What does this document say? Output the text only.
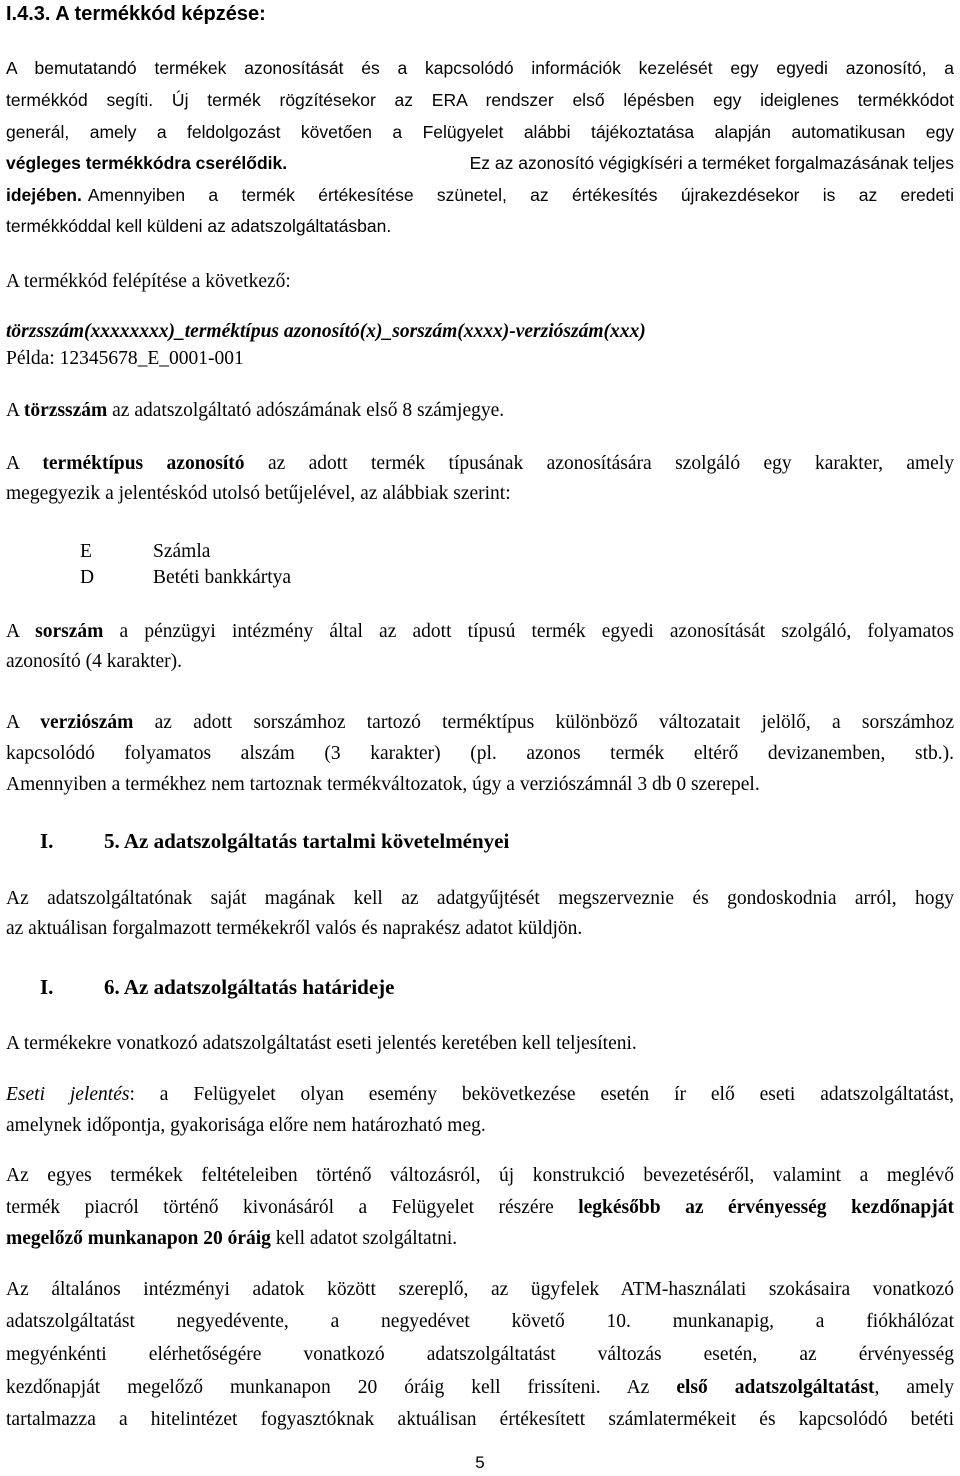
I.4.3. A termékkód képzése:
A bemutatandó termékek azonosítását és a kapcsolódó információk kezelését egy egyedi azonosító, a
termékkód segíti. Új termék rögzítésekor az ERA rendszer első lépésben egy ideiglenes termékkódot
generál, amely a feldolgozást követően a Felügyelet alábbi tájékoztatása alapján automatikusan egy
végleges termékkódra cserélődik.	Ez az azonosító végigkíséri a terméket forgalmazásának teljes
idejében. Amennyiben a termék értékesítése szünetel, az értékesítés újrakezdésekor is az eredeti
termékkóddal kell küldeni az adatszolgáltatásban.
A termékkód felépítése a következő:
törzsszám(xxxxxxxx)_terméktípus azonosító(x)_sorszám(xxxx)-verziószám(xxx)
Példa: 12345678_E_0001-001
A törzsszám az adatszolgáltató adószámának első 8 számjegye.
A terméktípus azonosító az adott termék típusának azonosítására szolgáló egy karakter, amely
megegyezik a jelentéskód utolsó betűjelével, az alábbiak szerint:
E	Számla
D	Betéti bankkártya
A sorszám a pénzügyi intézmény által az adott típusú termék egyedi azonosítását szolgáló, folyamatos
azonosító (4 karakter).
A verziószám az adott sorszámhoz tartozó terméktípus különböző változatait jelölő, a sorszámhoz
kapcsolódó folyamatos alszám (3 karakter) (pl. azonos termék eltérő devizanemben, stb.).
Amennyiben a termékhez nem tartoznak termékváltozatok, úgy a verziószámnál 3 db 0 szerepel.
I. 5. Az adatszolgáltatás tartalmi követelményei
Az adatszolgáltatónak saját magának kell az adatgyűjtését megszerveznie és gondoskodnia arról, hogy
az aktuálisan forgalmazott termékekről valós és naprakész adatot küldjön.
I. 6. Az adatszolgáltatás határideje
A termékekre vonatkozó adatszolgáltatást eseti jelentés keretében kell teljesíteni.
Eseti jelentés: a Felügyelet olyan esemény bekövetkezése esetén ír elő eseti adatszolgáltatást,
amelynek időpontja, gyakorisága előre nem határozható meg.
Az egyes termékek feltételeiben történő változásról, új konstrukció bevezetéséről, valamint a meglévő
termék piacról történő kivonásáról a Felügyelet részére legkésőbb az érvényesség kezdőnapját
megelőző munkanapon 20 óráig kell adatot szolgáltatni.
Az általános intézményi adatok között szereplő, az ügyfelek ATM-használati szokásaira vonatkozó
adatszolgáltatást negyedévente, a negyedévet követő 10. munkanapig, a fiókhálózat
megyénkénti elérhetőségére vonatkozó adatszolgáltatást változás esetén, az érvényesség
kezdőnapját megelőző munkanapon 20 óráig kell frissíteni. Az első adatszolgáltatást, amely
tartalmazza a hitelintézet fogyasztóknak aktuálisan értékesített számlatermékeit és kapcsolódó betéti
5
